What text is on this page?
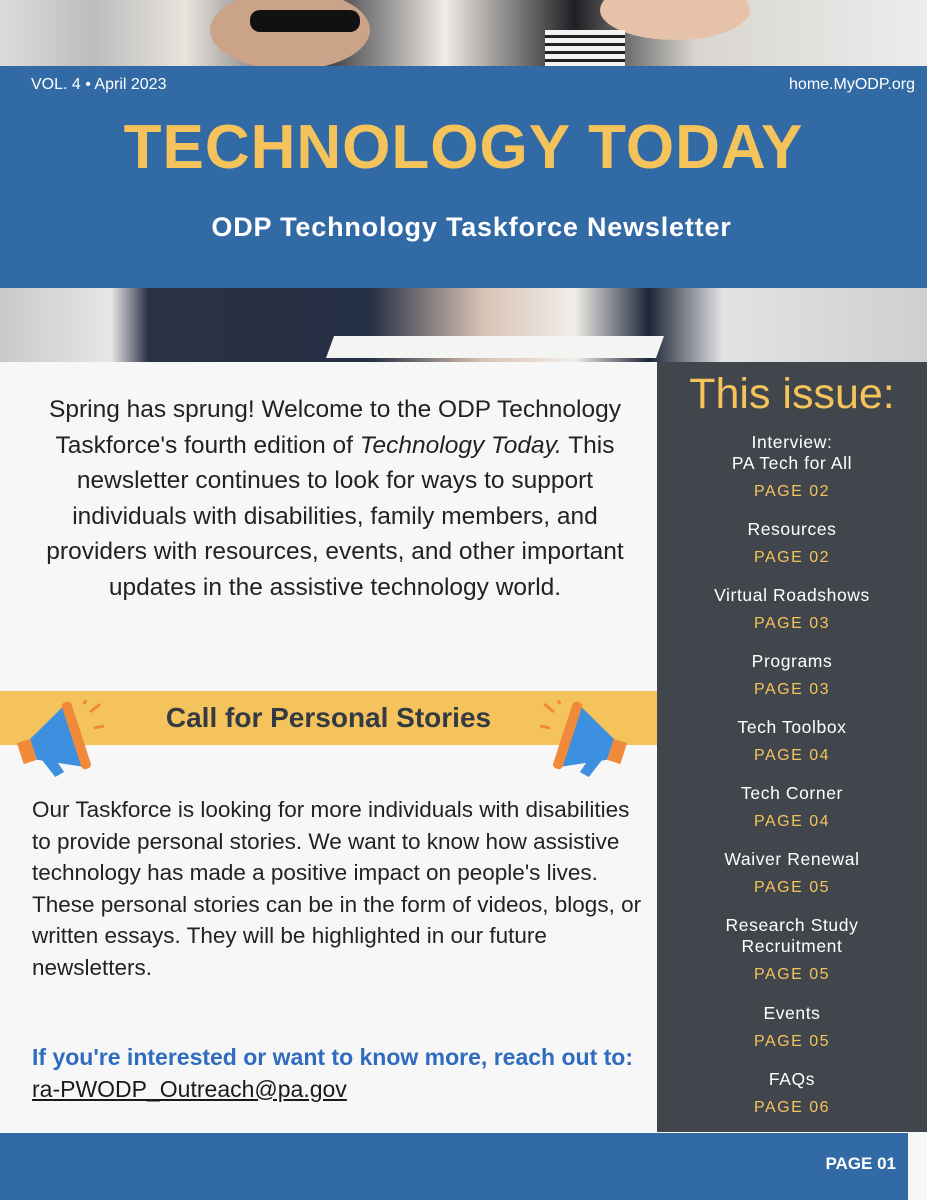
VOL. 4 • April 2023	home.MyODP.org
TECHNOLOGY TODAY
ODP Technology Taskforce Newsletter
Spring has sprung! Welcome to the ODP Technology Taskforce's fourth edition of Technology Today. This newsletter continues to look for ways to support individuals with disabilities, family members, and providers with resources, events, and other important updates in the assistive technology world.
Call for Personal Stories
Our Taskforce is looking for more individuals with disabilities to provide personal stories. We want to know how assistive technology has made a positive impact on people's lives. These personal stories can be in the form of videos, blogs, or written essays. They will be highlighted in our future newsletters.
If you're interested or want to know more, reach out to: ra-PWODP_Outreach@pa.gov
This issue:
Interview:
PA Tech for All
PAGE 02
Resources
PAGE 02
Virtual Roadshows
PAGE 03
Programs
PAGE 03
Tech Toolbox
PAGE 04
Tech Corner
PAGE 04
Waiver Renewal
PAGE 05
Research Study
Recruitment
PAGE 05
Events
PAGE 05
FAQs
PAGE 06
PAGE 01
